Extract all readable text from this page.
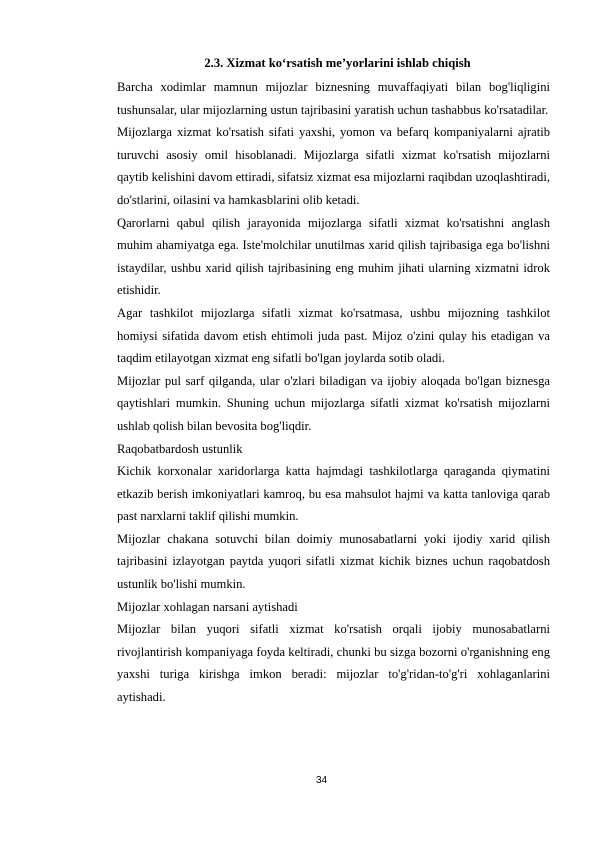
2.3. Xizmat ko‘rsatish me’yorlarini ishlab chiqish

Barcha xodimlar mamnun mijozlar biznesning muvaffaqiyati bilan bog'liqligini tushunsalar, ular mijozlarning ustun tajribasini yaratish uchun tashabbus ko'rsatadilar.

Mijozlarga xizmat ko'rsatish sifati yaxshi, yomon va befarq kompaniyalarni ajratib turuvchi asosiy omil hisoblanadi. Mijozlarga sifatli xizmat ko'rsatish mijozlarni qaytib kelishini davom ettiradi, sifatsiz xizmat esa mijozlarni raqibdan uzoqlashtiradi, do'stlarini, oilasini va hamkasblarini olib ketadi.

Qarorlarni qabul qilish jarayonida mijozlarga sifatli xizmat ko'rsatishni anglash muhim ahamiyatga ega. Iste'molchilar unutilmas xarid qilish tajribasiga ega bo'lishni istaydilar, ushbu xarid qilish tajribasining eng muhim jihati ularning xizmatni idrok etishidir.

Agar tashkilot mijozlarga sifatli xizmat ko'rsatmasa, ushbu mijozning tashkilot homiysi sifatida davom etish ehtimoli juda past. Mijoz o'zini qulay his etadigan va taqdim etilayotgan xizmat eng sifatli bo'lgan joylarda sotib oladi.

Mijozlar pul sarf qilganda, ular o'zlari biladigan va ijobiy aloqada bo'lgan biznesga qaytishlari mumkin. Shuning uchun mijozlarga sifatli xizmat ko'rsatish mijozlarni ushlab qolish bilan bevosita bog'liqdir.

Raqobatbardosh ustunlik

Kichik korxonalar xaridorlarga katta hajmdagi tashkilotlarga qaraganda qiymatini etkazib berish imkoniyatlari kamroq, bu esa mahsulot hajmi va katta tanloviga qarab past narxlarni taklif qilishi mumkin.

Mijozlar chakana sotuvchi bilan doimiy munosabatlarni yoki ijodiy xarid qilish tajribasini izlayotgan paytda yuqori sifatli xizmat kichik biznes uchun raqobatdosh ustunlik bo'lishi mumkin.

Mijozlar xohlagan narsani aytishadi

Mijozlar bilan yuqori sifatli xizmat ko'rsatish orqali ijobiy munosabatlarni rivojlantirish kompaniyaga foyda keltiradi, chunki bu sizga bozorni o'rganishning eng yaxshi turiga kirishga imkon beradi: mijozlar to'g'ridan-to'g'ri xohlaganlarini aytishadi.

34
